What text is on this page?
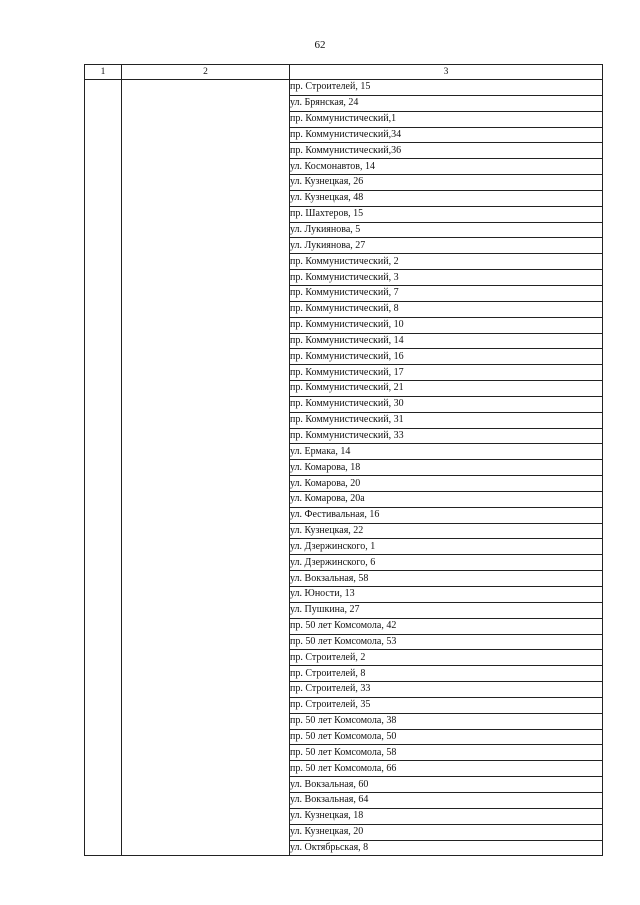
62
1	2	3
		пр. Строителей, 15
		ул. Брянская, 24
		пр. Коммунистический,1
		пр. Коммунистический,34
		пр. Коммунистический,36
		ул. Космонавтов, 14
		ул. Кузнецкая, 26
		ул. Кузнецкая, 48
		пр. Шахтеров, 15
		ул. Лукиянова, 5
		ул. Лукиянова, 27
		пр. Коммунистический, 2
		пр. Коммунистический, 3
		пр. Коммунистический, 7
		пр. Коммунистический, 8
		пр. Коммунистический, 10
		пр. Коммунистический, 14
		пр. Коммунистический, 16
		пр. Коммунистический, 17
		пр. Коммунистический, 21
		пр. Коммунистический, 30
		пр. Коммунистический, 31
		пр. Коммунистический, 33
		ул. Ермака, 14
		ул. Комарова, 18
		ул. Комарова, 20
		ул. Комарова, 20а
		ул. Фестивальная, 16
		ул. Кузнецкая, 22
		ул. Дзержинского, 1
		ул. Дзержинского, 6
		ул. Вокзальная, 58
		ул. Юности, 13
		ул. Пушкина, 27
		пр. 50 лет Комсомола, 42
		пр. 50 лет Комсомола, 53
		пр. Строителей, 2
		пр. Строителей, 8
		пр. Строителей, 33
		пр. Строителей, 35
		пр. 50 лет Комсомола, 38
		пр. 50 лет Комсомола, 50
		пр. 50 лет Комсомола, 58
		пр. 50 лет Комсомола, 66
		ул. Вокзальная, 60
		ул. Вокзальная, 64
		ул. Кузнецкая, 18
		ул. Кузнецкая, 20
		ул. Октябрьская, 8
